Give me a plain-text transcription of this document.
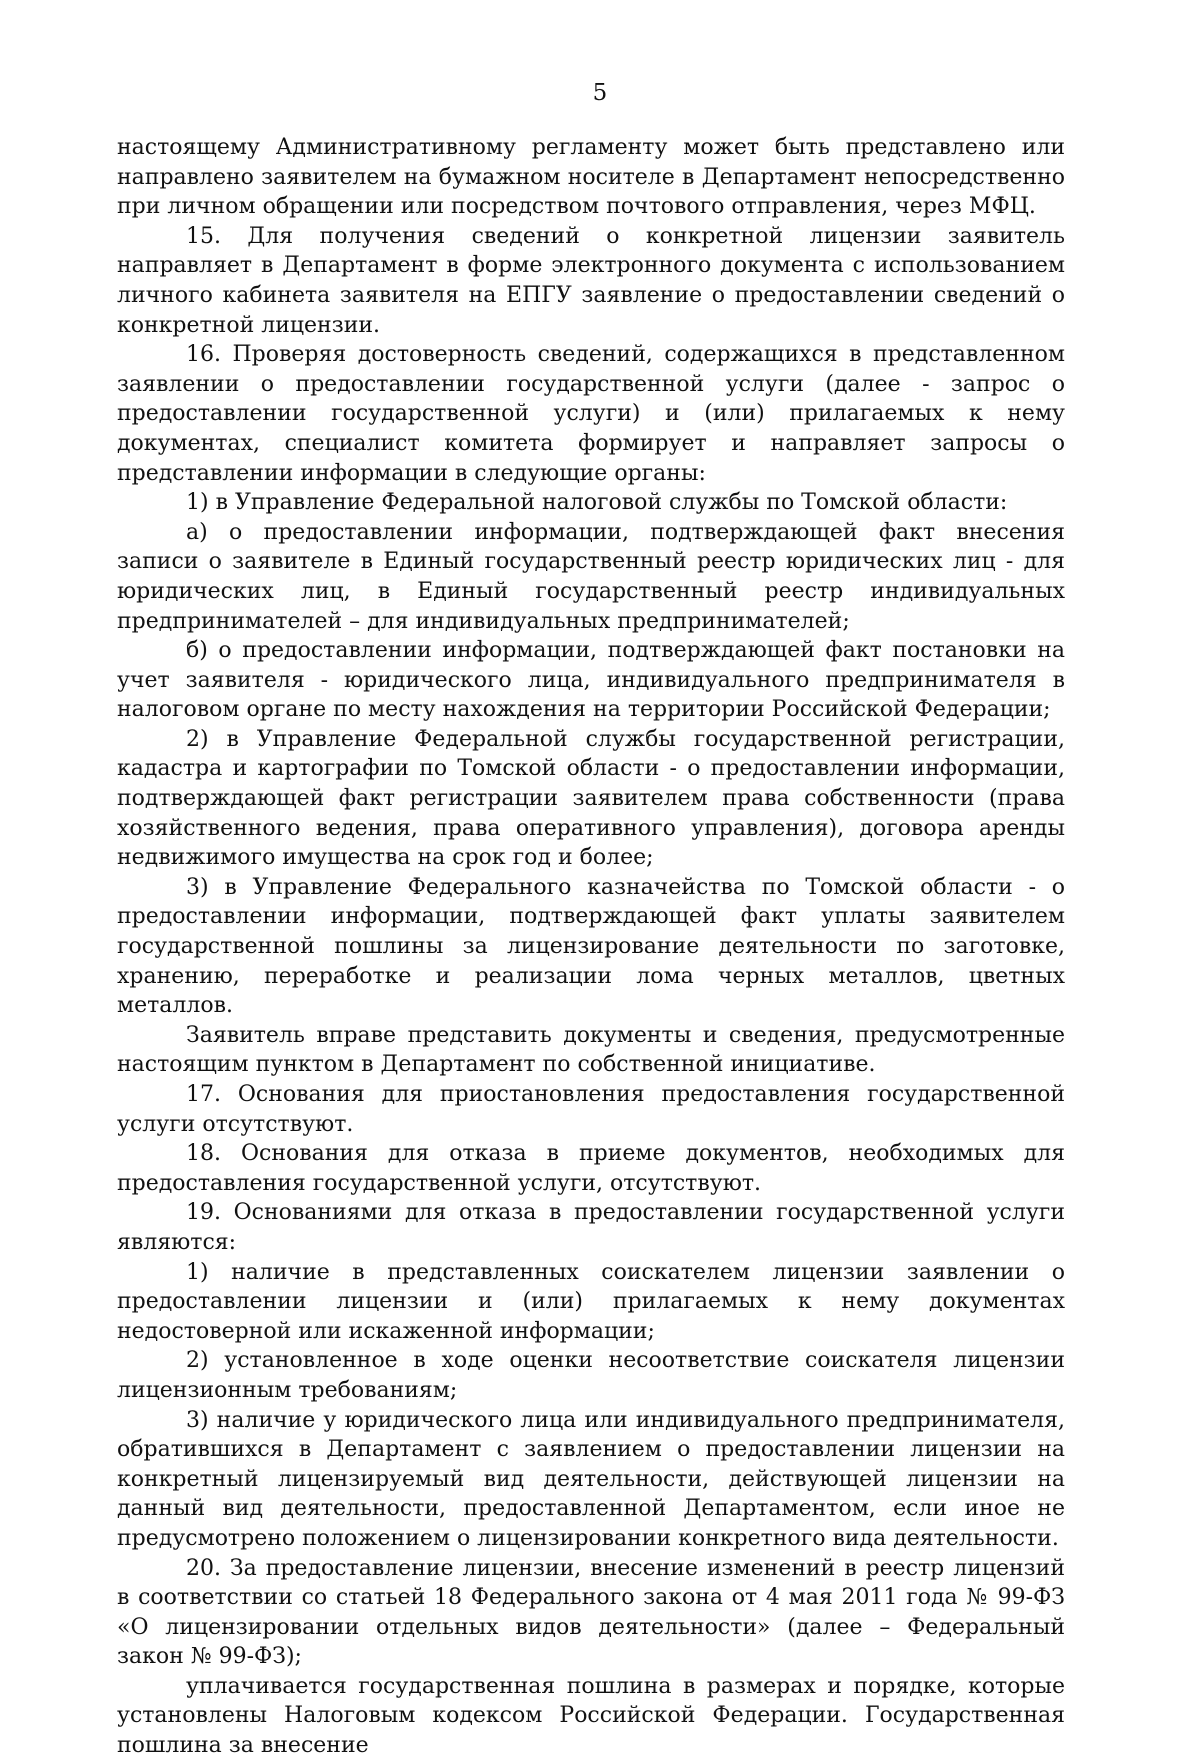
5

настоящему Административному регламенту может быть представлено или направлено заявителем на бумажном носителе в Департамент непосредственно при личном обращении или посредством почтового отправления, через МФЦ.

15. Для получения сведений о конкретной лицензии заявитель направляет в Департамент в форме электронного документа с использованием личного кабинета заявителя на ЕПГУ заявление о предоставлении сведений о конкретной лицензии.

16. Проверяя достоверность сведений, содержащихся в представленном заявлении о предоставлении государственной услуги (далее - запрос о предоставлении государственной услуги) и (или) прилагаемых к нему документах, специалист комитета формирует и направляет запросы о представлении информации в следующие органы:

1) в Управление Федеральной налоговой службы по Томской области:

а) о предоставлении информации, подтверждающей факт внесения записи о заявителе в Единый государственный реестр юридических лиц - для юридических лиц, в Единый государственный реестр индивидуальных предпринимателей – для индивидуальных предпринимателей;

б) о предоставлении информации, подтверждающей факт постановки на учет заявителя - юридического лица, индивидуального предпринимателя в налоговом органе по месту нахождения на территории Российской Федерации;

2) в Управление Федеральной службы государственной регистрации, кадастра и картографии по Томской области - о предоставлении информации, подтверждающей факт регистрации заявителем права собственности (права хозяйственного ведения, права оперативного управления), договора аренды недвижимого имущества на срок год и более;

3) в Управление Федерального казначейства по Томской области - о предоставлении информации, подтверждающей факт уплаты заявителем государственной пошлины за лицензирование деятельности по заготовке, хранению, переработке и реализации лома черных металлов, цветных металлов.

Заявитель вправе представить документы и сведения, предусмотренные настоящим пунктом в Департамент по собственной инициативе.

17. Основания для приостановления предоставления государственной услуги отсутствуют.

18. Основания для отказа в приеме документов, необходимых для предоставления государственной услуги, отсутствуют.

19. Основаниями для отказа в предоставлении государственной услуги являются:

1) наличие в представленных соискателем лицензии заявлении о предоставлении лицензии и (или) прилагаемых к нему документах недостоверной или искаженной информации;

2) установленное в ходе оценки несоответствие соискателя лицензии лицензионным требованиям;

3) наличие у юридического лица или индивидуального предпринимателя, обратившихся в Департамент с заявлением о предоставлении лицензии на конкретный лицензируемый вид деятельности, действующей лицензии на данный вид деятельности, предоставленной Департаментом, если иное не предусмотрено положением о лицензировании конкретного вида деятельности.

20. За предоставление лицензии, внесение изменений в реестр лицензий в соответствии со статьей 18 Федерального закона от 4 мая 2011 года № 99-ФЗ «О лицензировании отдельных видов деятельности» (далее – Федеральный закон № 99-ФЗ);

уплачивается государственная пошлина в размерах и порядке, которые установлены Налоговым кодексом Российской Федерации. Государственная пошлина за внесение
